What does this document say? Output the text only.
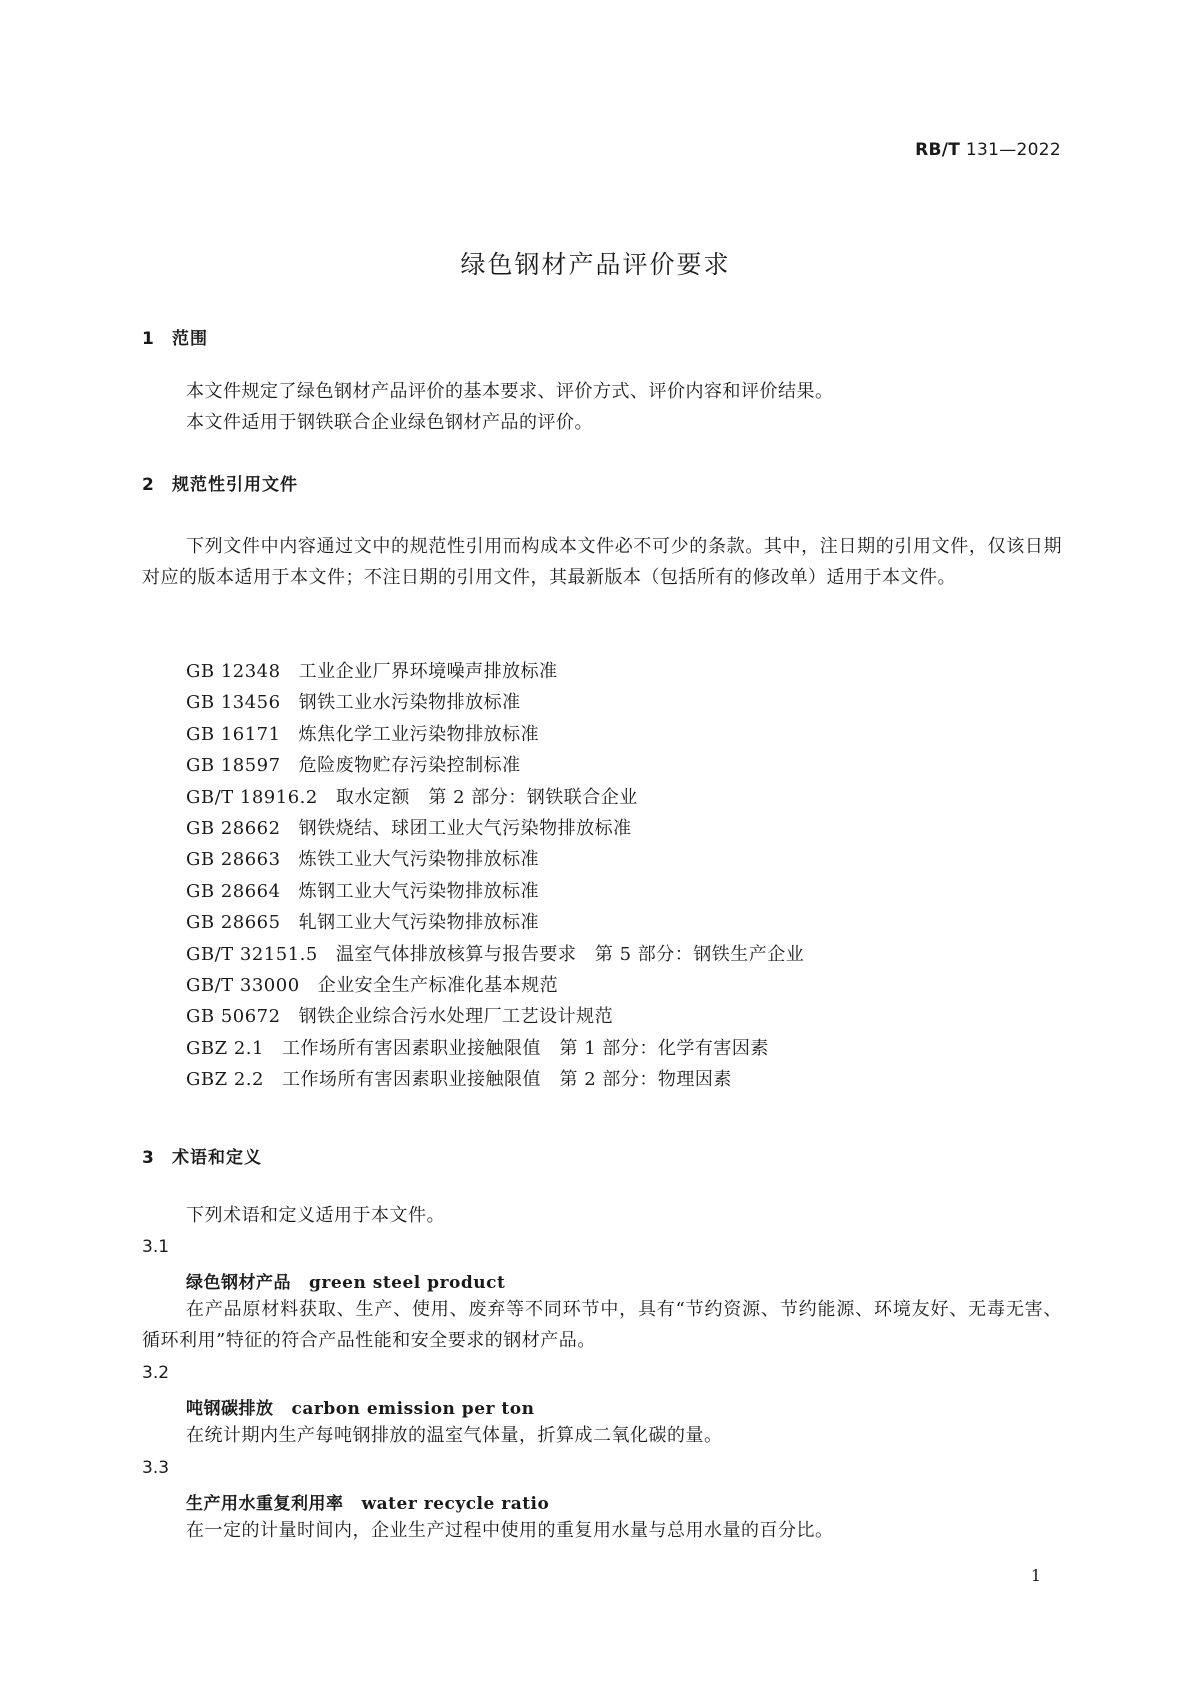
RB/T 131—2022
绿色钢材产品评价要求
1 范围

本文件规定了绿色钢材产品评价的基本要求、评价方式、评价内容和评价结果。

本文件适用于钢铁联合企业绿色钢材产品的评价。

2 规范性引用文件

下列文件中内容通过文中的规范性引用而构成本文件必不可少的条款。其中，注日期的引用文件，仅该日期对应的版本适用于本文件；不注日期的引用文件，其最新版本（包括所有的修改单）适用于本文件。

GB 12348 工业企业厂界环境噪声排放标准
GB 13456 钢铁工业水污染物排放标准
GB 16171 炼焦化学工业污染物排放标准
GB 18597 危险废物贮存污染控制标准
GB/T 18916.2 取水定额　第 2 部分：钢铁联合企业
GB 28662 钢铁烧结、球团工业大气污染物排放标准
GB 28663 炼铁工业大气污染物排放标准
GB 28664 炼钢工业大气污染物排放标准
GB 28665 轧钢工业大气污染物排放标准
GB/T 32151.5 温室气体排放核算与报告要求　第 5 部分：钢铁生产企业
GB/T 33000 企业安全生产标准化基本规范
GB 50672 钢铁企业综合污水处理厂工艺设计规范
GBZ 2.1 工作场所有害因素职业接触限值　第 1 部分：化学有害因素
GBZ 2.2 工作场所有害因素职业接触限值　第 2 部分：物理因素
3 术语和定义

下列术语和定义适用于本文件。

3.1
绿色钢材产品 green steel product

在产品原材料获取、生产、使用、废弃等不同环节中，具有“节约资源、节约能源、环境友好、无毒无害、循环利用”特征的符合产品性能和安全要求的钢材产品。

3.2
吨钢碳排放 carbon emission per ton

在统计期内生产每吨钢排放的温室气体量，折算成二氧化碳的量。

3.3
生产用水重复利用率 water recycle ratio

在一定的计量时间内，企业生产过程中使用的重复用水量与总用水量的百分比。

1
